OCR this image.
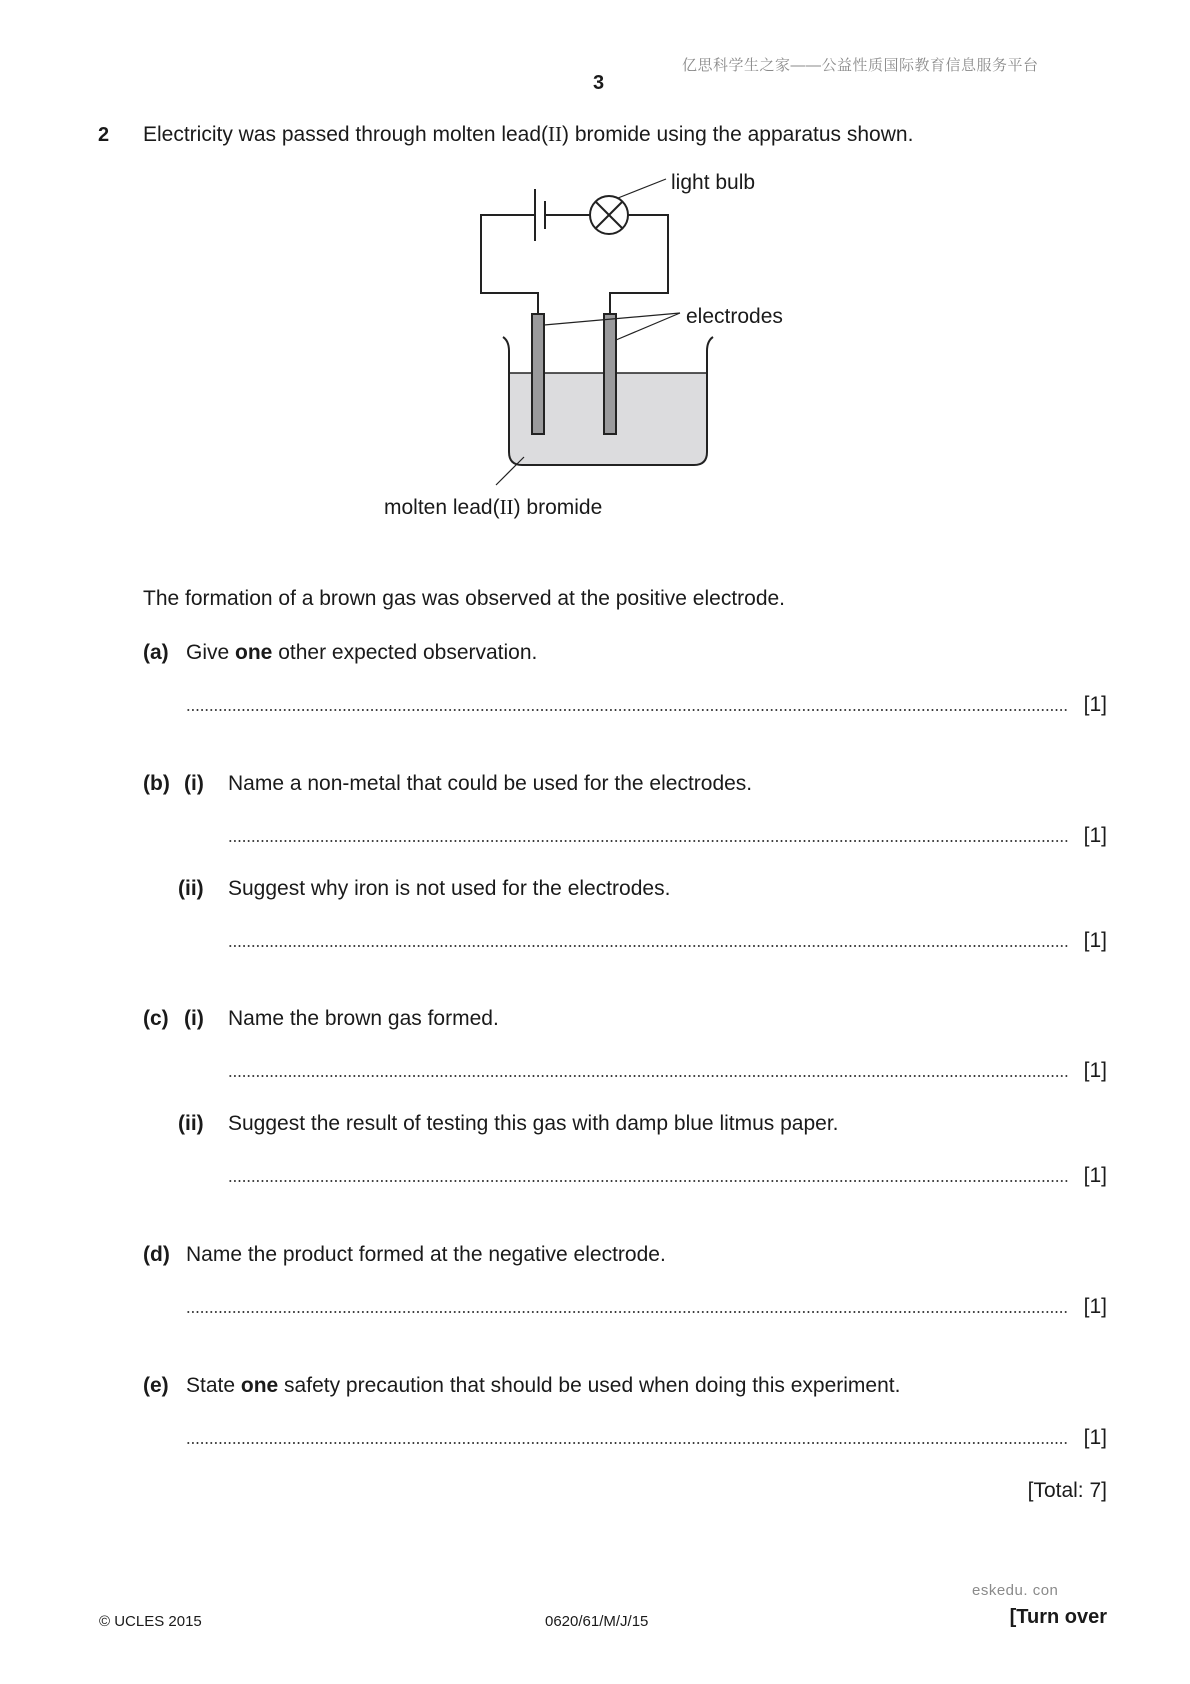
亿思科学生之家——公益性质国际教育信息服务平台
3
2 Electricity was passed through molten lead(II) bromide using the apparatus shown.
light bulb
electrodes
molten lead(II) bromide
The formation of a brown gas was observed at the positive electrode.
(a) Give one other expected observation.
[1]
(b) (i) Name a non-metal that could be used for the electrodes.
[1]
(ii) Suggest why iron is not used for the electrodes.
[1]
(c) (i) Name the brown gas formed.
[1]
(ii) Suggest the result of testing this gas with damp blue litmus paper.
[1]
(d) Name the product formed at the negative electrode.
[1]
(e) State one safety precaution that should be used when doing this experiment.
[1]
[Total: 7]
eskedu. con
© UCLES 2015	0620/61/M/J/15	[Turn over
